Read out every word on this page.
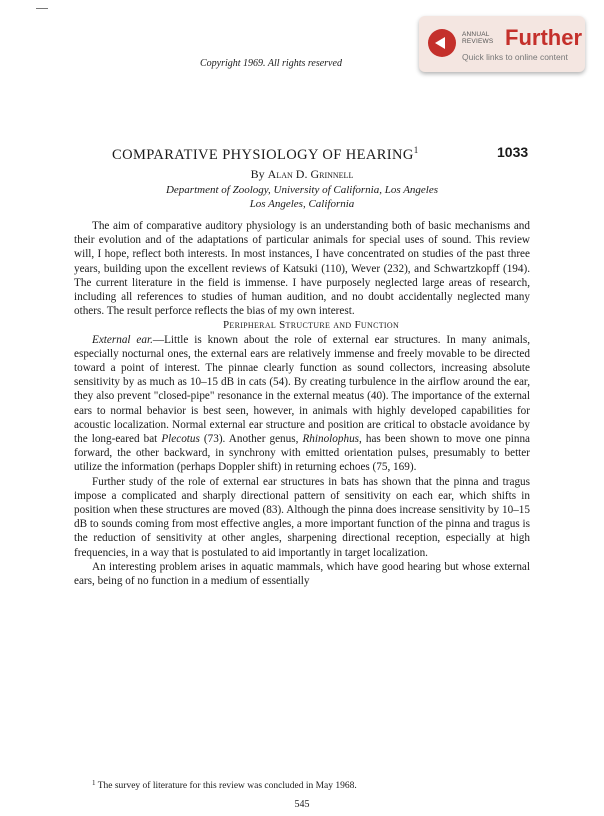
ANNUAL
REVIEWS Further
Quick links to online content
Copyright 1969. All rights reserved
COMPARATIVE PHYSIOLOGY OF HEARING$^1$	1033
By Alan D. Grinnell
Department of Zoology, University of California, Los Angeles
Los Angeles, California

The aim of comparative auditory physiology is an understanding both of basic mechanisms and their evolution and of the adaptations of particular animals for special uses of sound. This review will, I hope, reflect both interests. In most instances, I have concentrated on studies of the past three years, building upon the excellent reviews of Katsuki (110), Wever (232), and Schwartzkopff (194). The current literature in the field is immense. I have purposely neglected large areas of research, including all references to studies of human audition, and no doubt accidentally neglected many others. The result perforce reflects the bias of my own interest.

Peripheral Structure and Function

External ear.—Little is known about the role of external ear structures. In many animals, especially nocturnal ones, the external ears are relatively immense and freely movable to be directed toward a point of interest. The pinnae clearly function as sound collectors, increasing absolute sensitivity by as much as 10–15 dB in cats (54). By creating turbulence in the airflow around the ear, they also prevent "closed-pipe" resonance in the external meatus (40). The importance of the external ears to normal behavior is best seen, however, in animals with highly developed capabilities for acoustic localization. Normal external ear structure and position are critical to obstacle avoidance by the long-eared bat Plecotus (73). Another genus, Rhinolophus, has been shown to move one pinna forward, the other backward, in synchrony with emitted orientation pulses, presumably to better utilize the information (perhaps Doppler shift) in returning echoes (75, 169).

Further study of the role of external ear structures in bats has shown that the pinna and tragus impose a complicated and sharply directional pattern of sensitivity on each ear, which shifts in position when these structures are moved (83). Although the pinna does increase sensitivity by 10–15 dB to sounds coming from most effective angles, a more important function of the pinna and tragus is the reduction of sensitivity at other angles, sharpening directional reception, especially at high frequencies, in a way that is postulated to aid importantly in target localization.

An interesting problem arises in aquatic mammals, which have good hearing but whose external ears, being of no function in a medium of essentially

$^1$ The survey of literature for this review was concluded in May 1968.
545
